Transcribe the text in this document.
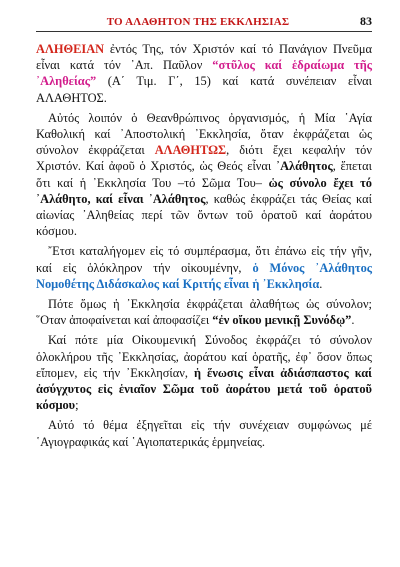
ΤΟ ΑΛΑΘΗΤΟΝ ΤΗΣ ΕΚΚΛΗΣΙΑΣ	83

ΑΛΗΘΕΙΑΝ ἐντός Της, τόν Χριστόν καί τό Πανάγιον Πνεῦμα εἶναι κατά τόν ᾿Απ. Παῦλον “στῦλος καί ἑδραίωμα τῆς ᾿Αληθείας” (Α΄ Τιμ. Γ΄, 15) καί κατά συνέπειαν εἶναι ΑΛΑΘΗΤΟΣ.

Αὐτός λοιπόν ὁ Θεανθρώπινος ὀργανισμός, ἡ Μία ῾Αγία Καθολική καί ᾿Αποστολική ᾿Εκκλησία, ὅταν ἐκφράζεται ὡς σύνολον ἐκφράζεται ΑΛΑΘΗΤΩΣ, διότι ἔχει κεφαλήν τόν Χριστόν. Καί ἀφοῦ ὁ Χριστός, ὡς Θεός εἶναι ᾿Αλάθητος, ἕπεται ὅτι καί ἡ ᾿Εκκλησία Του –τό Σῶμα Του– ὡς σύνολο ἔχει τό ᾿Αλάθητο, καί εἶναι ᾿Αλάθητος, καθώς ἐκφράζει τάς Θείας καί αἰωνίας ᾿Αληθείας περί τῶν ὄντων τοῦ ὁρατοῦ καί ἀοράτου κόσμου.

῎Ετσι καταλήγομεν εἰς τό συμπέρασμα, ὅτι ἐπάνω εἰς τήν γῆν, καί εἰς ὁλόκληρον τήν οἰκουμένην, ὁ Μόνος ᾿Αλάθητος Νομοθέτης Διδάσκαλος καί Κριτής εἶναι ἡ ᾿Εκκλησία.

Πότε ὅμως ἡ ᾿Εκκλησία ἐκφράζεται ἀλαθήτως ὡς σύνολον; ῞Οταν ἀποφαίνεται καί ἀποφασίζει “ἐν οἴκου μενικῇ Συνόδῳ”.

Καί πότε μία Οἰκουμενική Σύνοδος ἐκφράζει τό σύνολον ὁλοκλήρου τῆς ᾿Εκκλησίας, ἀοράτου καί ὁρατῆς, ἐφ᾿ ὅσον ὅπως εἴπομεν, εἰς τήν ᾿Εκκλησίαν, ἡ ἕνωσις εἶναι ἀδιάσπαστος καί ἀσύγχυτος εἰς ἑνιαῖον Σῶμα τοῦ ἀοράτου μετά τοῦ ὁρατοῦ κόσμου;

Αὐτό τό θέμα ἐξηγεῖται εἰς τήν συνέχειαν συμφώνως μέ ῾Αγιογραφικάς καί ῾Αγιοπατερικάς ἑρμηνείας.
